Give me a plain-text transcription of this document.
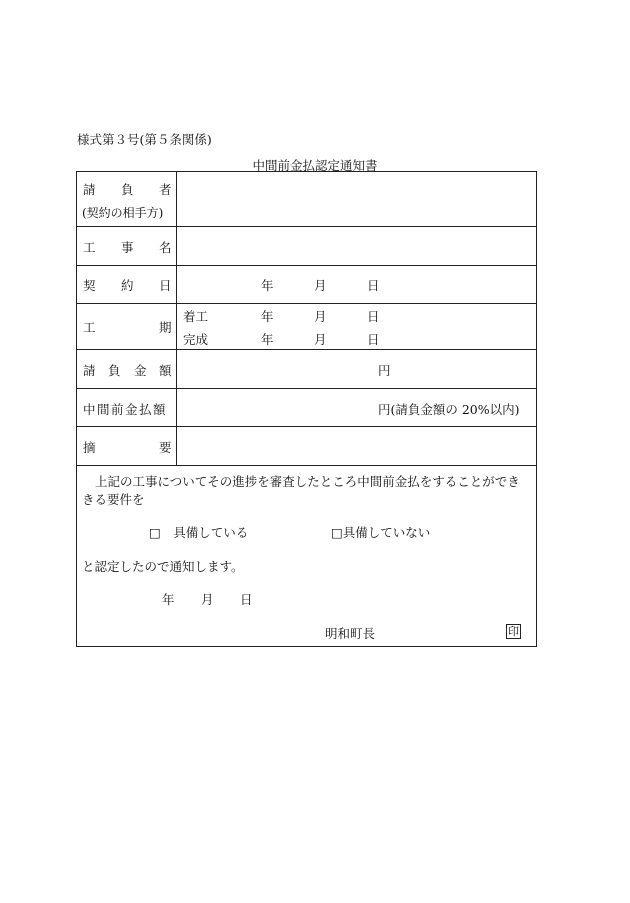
様式第３号(第５条関係)
中間前金払認定通知書
請 負 者
(契約の相手方)
工 事 名
契 約 日	年	月	日
工	期
着工	年	月	日
完成	年	月	日
請 負 金 額	円
中間前金払額	円(請負金額の 20%以内)
摘	要
上記の工事についてその進捗を審査したところ中間前金払をすることができ
きる要件を
□　具備している	□具備していない
と認定したので通知します。
年 月 日
明和町長	印
